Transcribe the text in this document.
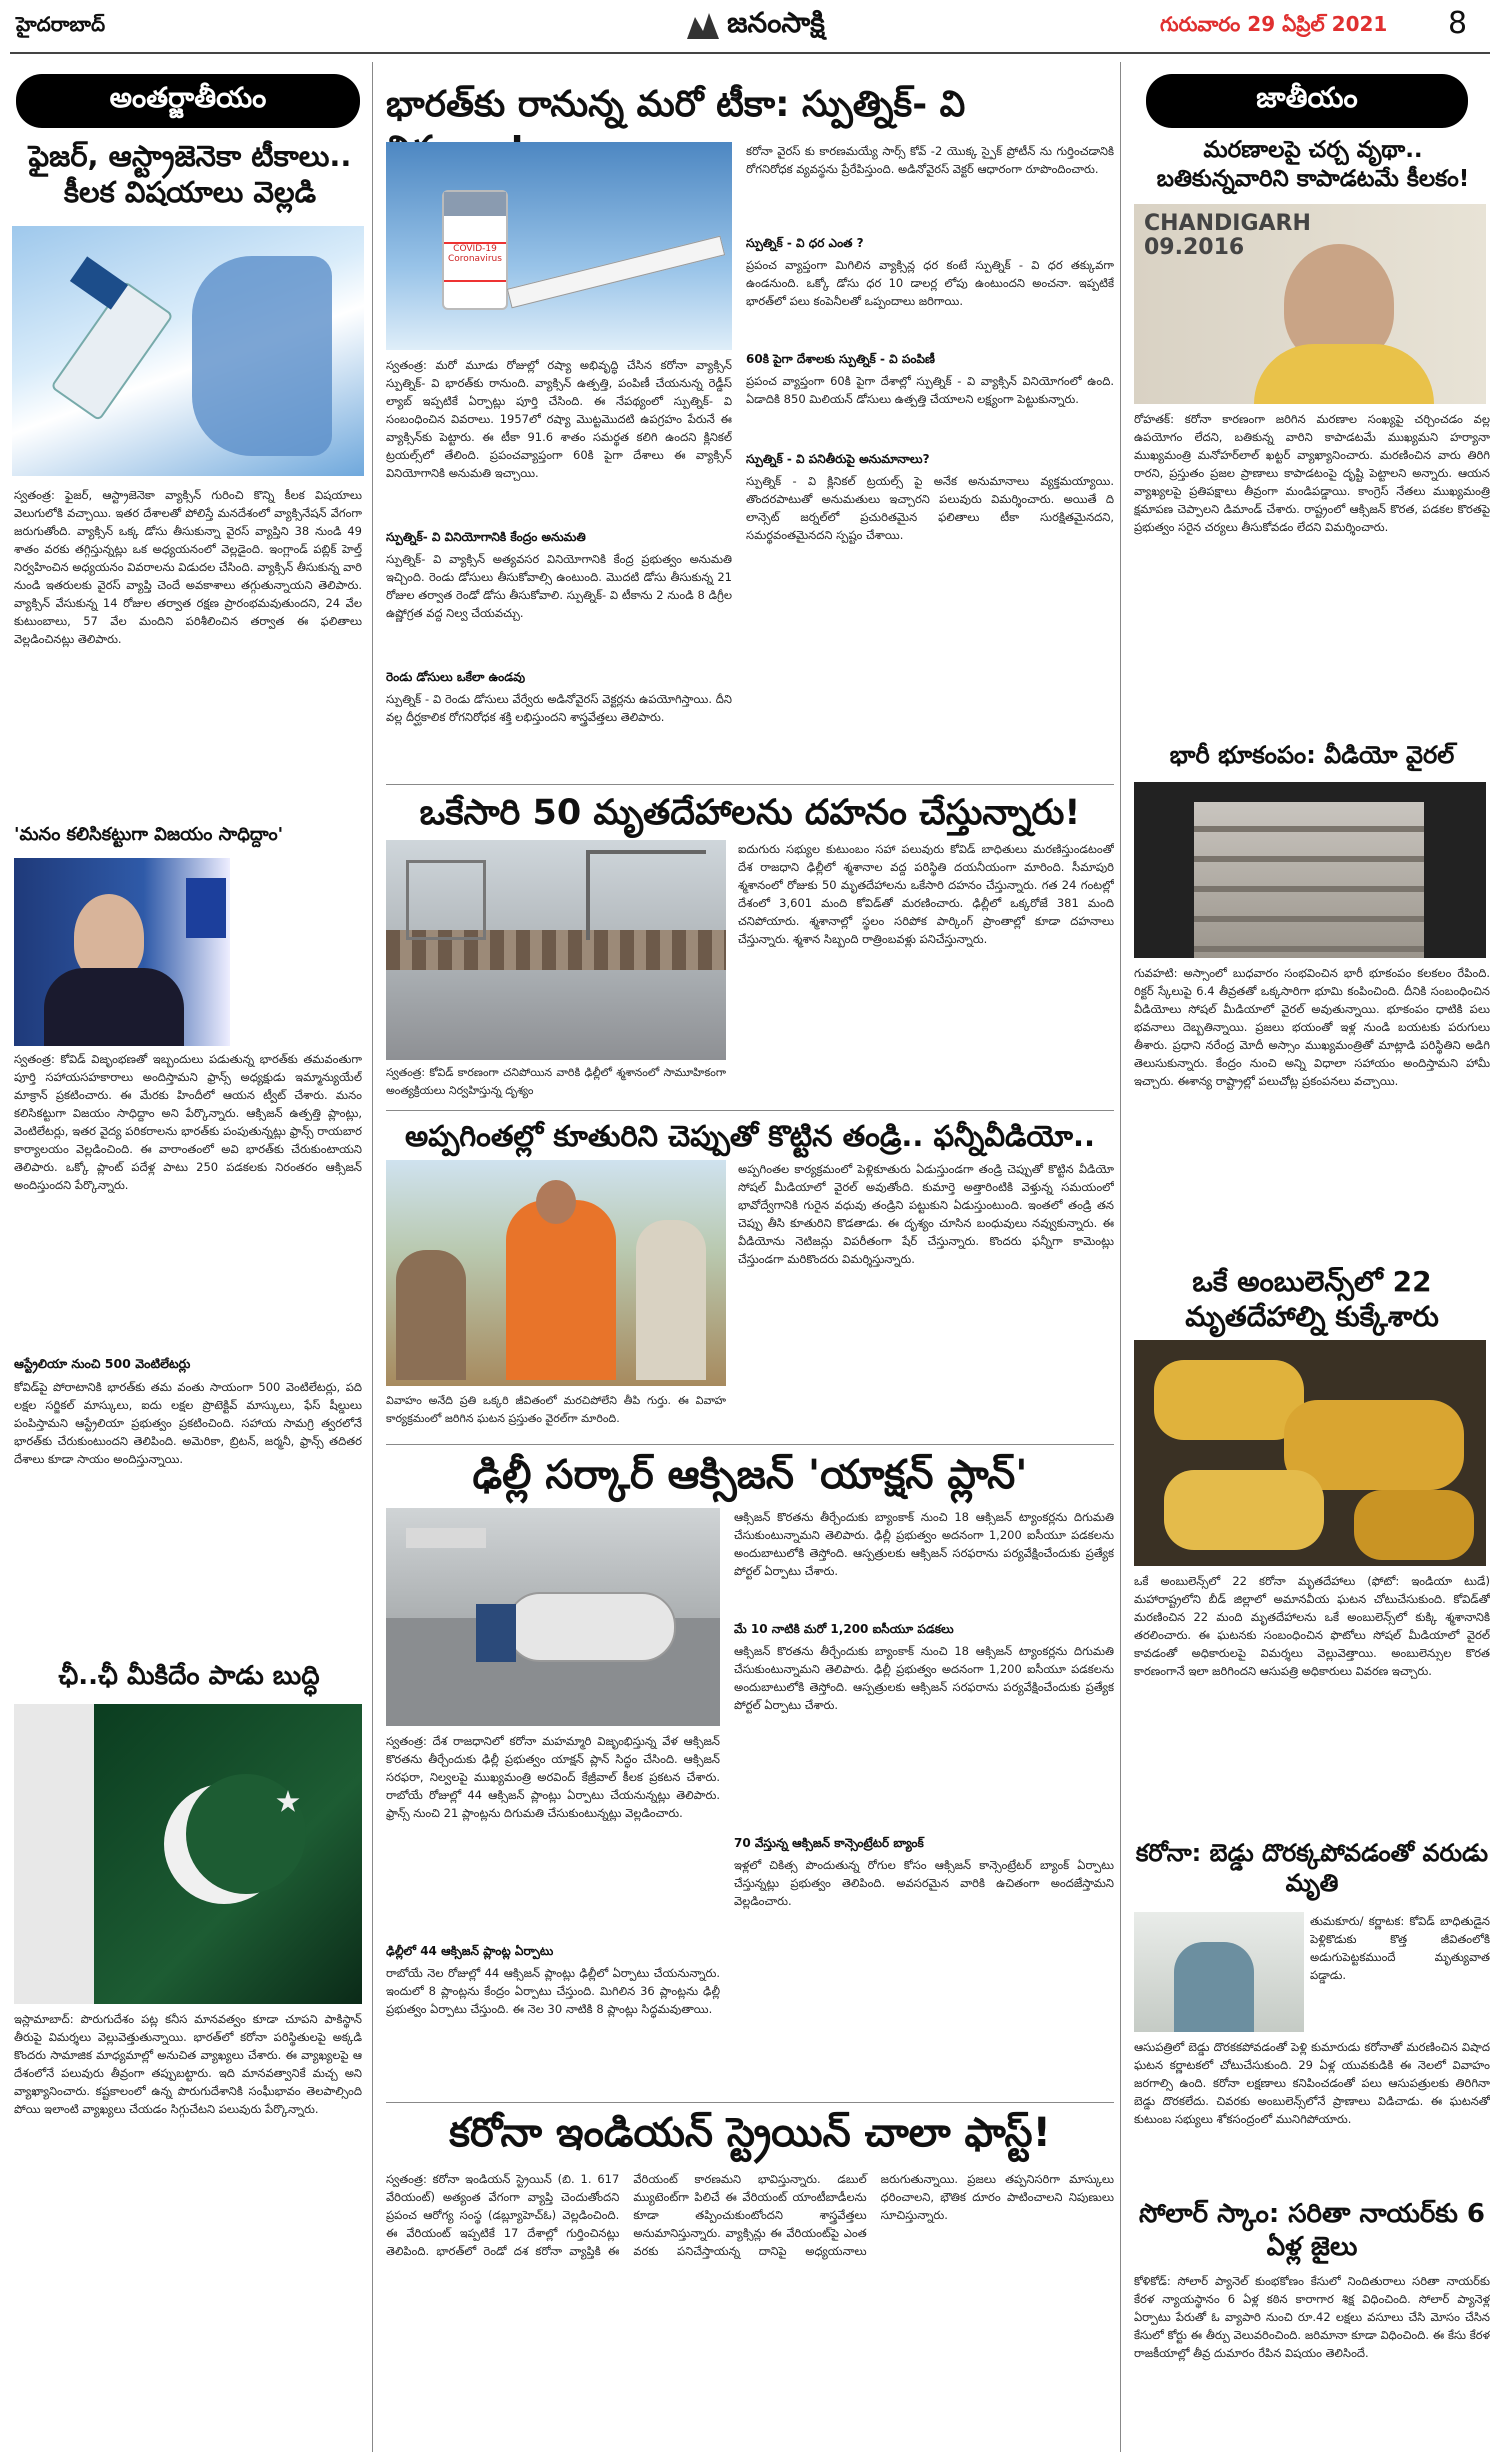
హైదరాబాద్	జనంసాక్షి	గురువారం 29 ఏప్రిల్ 2021 8
అంతర్జాతీయం
ఫైజర్, ఆస్ట్రాజెనెకా టీకాలు.. కీలక విషయాలు వెల్లడి
స్వతంత్ర: ఫైజర్, ఆస్ట్రాజెనెకా వ్యాక్సిన్‌ గురించి కొన్ని కీలక విషయాలు వెలుగులోకి వచ్చాయి. ఇతర దేశాలతో పోలిస్తే మనదేశంలో వ్యాక్సినేషన్‌ వేగంగా జరుగుతోంది. వ్యాక్సిన్‌ ఒక్క డోసు తీసుకున్నా వైరస్‌ వ్యాప్తిని 38 నుండి 49 శాతం వరకు తగ్గిస్తున్నట్లు ఒక అధ్యయనంలో వెల్లడైంది. ఇంగ్లాండ్‌ పబ్లిక్‌ హెల్త్‌ నిర్వహించిన అధ్యయనం వివరాలను విడుదల చేసింది. వ్యాక్సిన్‌ తీసుకున్న వారి నుండి ఇతరులకు వైరస్‌ వ్యాప్తి చెందే అవకాశాలు తగ్గుతున్నాయని తెలిపారు. వ్యాక్సిన్‌ వేసుకున్న 14 రోజుల తర్వాత రక్షణ ప్రారంభమవుతుందని, 24 వేల కుటుంబాలు, 57 వేల మందిని పరిశీలించిన తర్వాత ఈ ఫలితాలు వెల్లడించినట్లు తెలిపారు.
'మనం కలిసికట్టుగా విజయం సాధిద్దాం'
స్వతంత్ర: కోవిడ్‌ విజృంభణతో ఇబ్బందులు పడుతున్న భారత్‌కు తమవంతుగా పూర్తి సహాయసహకారాలు అందిస్తామని ఫ్రాన్స్‌ అధ్యక్షుడు ఇమ్మాన్యుయేల్‌ మాక్రాన్‌ ప్రకటించారు. ఈ మేరకు హిందీలో ఆయన ట్వీట్‌ చేశారు. మనం కలిసికట్టుగా విజయం సాధిద్దాం అని పేర్కొన్నారు. ఆక్సిజన్‌ ఉత్పత్తి ప్లాంట్లు, వెంటిలేటర్లు, ఇతర వైద్య పరికరాలను భారత్‌కు పంపుతున్నట్లు ఫ్రాన్స్‌ రాయబార కార్యాలయం వెల్లడించింది. ఈ వారాంతంలో అవి భారత్‌కు చేరుకుంటాయని తెలిపారు. ఒక్కో ప్లాంట్‌ పదేళ్ల పాటు 250 పడకలకు నిరంతరం ఆక్సిజన్‌ అందిస్తుందని పేర్కొన్నారు.
ఆస్ట్రేలియా నుంచి 500 వెంటిలేటర్లు
కోవిడ్‌పై పోరాటానికి భారత్‌కు తమ వంతు సాయంగా 500 వెంటిలేటర్లు, పది లక్షల సర్జికల్‌ మాస్కులు, ఐదు లక్షల ప్రొటెక్టివ్‌ మాస్కులు, ఫేస్‌ షీల్డులు పంపిస్తామని ఆస్ట్రేలియా ప్రభుత్వం ప్రకటించింది. సహాయ సామగ్రి త్వరలోనే భారత్‌కు చేరుకుంటుందని తెలిపింది. అమెరికా, బ్రిటన్‌, జర్మనీ, ఫ్రాన్స్‌ తదితర దేశాలు కూడా సాయం అందిస్తున్నాయి.
ఛీ..ఛీ మీకిదేం పాడు బుద్ధి
ఇస్లామాబాద్‌: పొరుగుదేశం పట్ల కనీస మానవత్వం కూడా చూపని పాకిస్థాన్‌ తీరుపై విమర్శలు వెల్లువెత్తుతున్నాయి. భారత్‌లో కరోనా పరిస్థితులపై అక్కడి కొందరు సామాజిక మాధ్యమాల్లో అనుచిత వ్యాఖ్యలు చేశారు. ఈ వ్యాఖ్యలపై ఆ దేశంలోనే పలువురు తీవ్రంగా తప్పుబట్టారు. ఇది మానవత్వానికే మచ్చ అని వ్యాఖ్యానించారు. కష్టకాలంలో ఉన్న పొరుగుదేశానికి సంఘీభావం తెలపాల్సింది పోయి ఇలాంటి వ్యాఖ్యలు చేయడం సిగ్గుచేటని పలువురు పేర్కొన్నారు.
భారత్‌కు రానున్న మరో టీకా: స్పుత్నిక్‌- వి
COVID-19 Coronavirus
స్వతంత్ర: మరో మూడు రోజుల్లో రష్యా అభివృద్ధి చేసిన కరోనా వ్యాక్సిన్‌ స్పుత్నిక్‌- వి భారత్‌కు రానుంది. వ్యాక్సిన్‌ ఉత్పత్తి, పంపిణీ చేయనున్న రెడ్డీస్‌ ల్యాబ్‌ ఇప్పటికే ఏర్పాట్లు పూర్తి చేసింది. ఈ నేపథ్యంలో స్పుత్నిక్‌- వి సంబంధించిన వివరాలు. 1957లో రష్యా మొట్టమొదటి ఉపగ్రహం పేరునే ఈ వ్యాక్సిన్‌కు పెట్టారు. ఈ టీకా 91.6 శాతం సమర్థత కలిగి ఉందని క్లినికల్‌ ట్రయల్స్‌లో తేలింది. ప్రపంచవ్యాప్తంగా 60కి పైగా దేశాలు ఈ వ్యాక్సిన్‌ వినియోగానికి అనుమతి ఇచ్చాయి.
స్పుత్నిక్‌- వి వినియోగానికి కేంద్రం అనుమతి
స్పుత్నిక్‌- వి వ్యాక్సిన్‌ అత్యవసర వినియోగానికి కేంద్ర ప్రభుత్వం అనుమతి ఇచ్చింది. రెండు డోసులు తీసుకోవాల్సి ఉంటుంది. మొదటి డోసు తీసుకున్న 21 రోజుల తర్వాత రెండో డోసు తీసుకోవాలి. స్పుత్నిక్‌- వి టీకాను 2 నుండి 8 డిగ్రీల ఉష్ణోగ్రత వద్ద నిల్వ చేయవచ్చు.
రెండు డోసులు ఒకేలా ఉండవు
స్పుత్నిక్‌ - వి రెండు డోసులు వేర్వేరు అడినోవైరస్‌ వెక్టర్లను ఉపయోగిస్తాయి. దీని వల్ల దీర్ఘకాలిక రోగనిరోధక శక్తి లభిస్తుందని శాస్త్రవేత్తలు తెలిపారు.
కరోనా వైరస్‌ కు కారణమయ్యే సార్స్‌ కోవ్‌ -2 యొక్క స్పైక్‌ ప్రోటీన్‌ ను గుర్తించడానికి రోగనిరోధక వ్యవస్థను ప్రేరేపిస్తుంది. అడినోవైరస్‌ వెక్టర్‌ ఆధారంగా రూపొందించారు.
స్పుత్నిక్‌ - వి ధర ఎంత ?
ప్రపంచ వ్యాప్తంగా మిగిలిన వ్యాక్సిన్ల ధర కంటే స్పుత్నిక్‌ - వి ధర తక్కువగా ఉండనుంది. ఒక్కో డోసు ధర 10 డాలర్ల లోపు ఉంటుందని అంచనా. ఇప్పటికే భారత్‌లో పలు కంపెనీలతో ఒప్పందాలు జరిగాయి.
60కి పైగా దేశాలకు స్పుత్నిక్‌ - వి పంపిణీ
ప్రపంచ వ్యాప్తంగా 60కి పైగా దేశాల్లో స్పుత్నిక్‌ - వి వ్యాక్సిన్‌ వినియోగంలో ఉంది. ఏడాదికి 850 మిలియన్‌ డోసులు ఉత్పత్తి చేయాలని లక్ష్యంగా పెట్టుకున్నారు.
స్పుత్నిక్‌ - వి పనితీరుపై అనుమానాలు?
స్పుత్నిక్‌ - వి క్లినికల్‌ ట్రయల్స్‌ పై అనేక అనుమానాలు వ్యక్తమయ్యాయి. తొందరపాటుతో అనుమతులు ఇచ్చారని పలువురు విమర్శించారు. అయితే ది లాన్సెట్‌ జర్నల్‌లో ప్రచురితమైన ఫలితాలు టీకా సురక్షితమైనదని, సమర్థవంతమైనదని స్పష్టం చేశాయి.
ఒకేసారి 50 మృతదేహాలను దహనం చేస్తున్నారు!
స్వతంత్ర: కోవిడ్‌ కారణంగా చనిపోయిన వారికి ఢిల్లీలో శ్మశానంలో సామూహికంగా అంత్యక్రియలు నిర్వహిస్తున్న దృశ్యం
ఐదుగురు సభ్యుల కుటుంబం సహా పలువురు కోవిడ్‌ బాధితులు మరణిస్తుండటంతో దేశ రాజధాని ఢిల్లీలో శ్మశానాల వద్ద పరిస్థితి దయనీయంగా మారింది. సీమాపురి శ్మశానంలో రోజుకు 50 మృతదేహాలను ఒకేసారి దహనం చేస్తున్నారు. గత 24 గంటల్లో దేశంలో 3,601 మంది కోవిడ్‌తో మరణించారు. ఢిల్లీలో ఒక్కరోజే 381 మంది చనిపోయారు. శ్మశానాల్లో స్థలం సరిపోక పార్కింగ్‌ ప్రాంతాల్లో కూడా దహనాలు చేస్తున్నారు. శ్మశాన సిబ్బంది రాత్రింబవళ్లు పనిచేస్తున్నారు.
అప్పగింతల్లో కూతురిని చెప్పుతో కొట్టిన తండ్రి.. ఫన్నీవీడియో..
వివాహం అనేది ప్రతి ఒక్కరి జీవితంలో మరచిపోలేని తీపి గుర్తు. ఈ వివాహ కార్యక్రమంలో జరిగిన ఘటన ప్రస్తుతం వైరల్‌గా మారింది.
అప్పగింతల కార్యక్రమంలో పెళ్లికూతురు ఏడుస్తుండగా తండ్రి చెప్పుతో కొట్టిన వీడియో సోషల్‌ మీడియాలో వైరల్‌ అవుతోంది. కుమార్తె అత్తారింటికి వెళ్తున్న సమయంలో భావోద్వేగానికి గురైన వధువు తండ్రిని పట్టుకుని ఏడుస్తుంటుంది. ఇంతలో తండ్రి తన చెప్పు తీసి కూతురిని కొడతాడు. ఈ దృశ్యం చూసిన బంధువులు నవ్వుకున్నారు. ఈ వీడియోను నెటిజన్లు విపరీతంగా షేర్‌ చేస్తున్నారు. కొందరు ఫన్నీగా కామెంట్లు చేస్తుండగా మరికొందరు విమర్శిస్తున్నారు.
ఢిల్లీ సర్కార్‌ ఆక్సిజన్‌ 'యాక్షన్‌ ప్లాన్‌'
స్వతంత్ర: దేశ రాజధానిలో కరోనా మహమ్మారి విజృంభిస్తున్న వేళ ఆక్సిజన్‌ కొరతను తీర్చేందుకు ఢిల్లీ ప్రభుత్వం యాక్షన్‌ ప్లాన్‌ సిద్ధం చేసింది. ఆక్సిజన్‌ సరఫరా, నిల్వలపై ముఖ్యమంత్రి అరవింద్‌ కేజ్రీవాల్‌ కీలక ప్రకటన చేశారు. రాబోయే రోజుల్లో 44 ఆక్సిజన్‌ ప్లాంట్లు ఏర్పాటు చేయనున్నట్లు తెలిపారు. ఫ్రాన్స్‌ నుంచి 21 ప్లాంట్లను దిగుమతి చేసుకుంటున్నట్లు వెల్లడించారు.
ఢిల్లీలో 44 ఆక్సిజన్‌ ప్లాంట్ల ఏర్పాటు
రాబోయే నెల రోజుల్లో 44 ఆక్సిజన్‌ ప్లాంట్లు ఢిల్లీలో ఏర్పాటు చేయనున్నారు. ఇందులో 8 ప్లాంట్లను కేంద్రం ఏర్పాటు చేస్తుంది. మిగిలిన 36 ప్లాంట్లను ఢిల్లీ ప్రభుత్వం ఏర్పాటు చేస్తుంది. ఈ నెల 30 నాటికి 8 ప్లాంట్లు సిద్ధమవుతాయి.
ఆక్సిజన్‌ కొరతను తీర్చేందుకు బ్యాంకాక్‌ నుంచి 18 ఆక్సిజన్‌ ట్యాంకర్లను దిగుమతి చేసుకుంటున్నామని తెలిపారు. ఢిల్లీ ప్రభుత్వం అదనంగా 1,200 ఐసీయూ పడకలను అందుబాటులోకి తెస్తోంది. ఆస్పత్రులకు ఆక్సిజన్‌ సరఫరాను పర్యవేక్షించేందుకు ప్రత్యేక పోర్టల్‌ ఏర్పాటు చేశారు.
మే 10 నాటికి మరో 1,200 ఐసీయూ పడకలు
ఆక్సిజన్‌ కొరతను తీర్చేందుకు బ్యాంకాక్‌ నుంచి 18 ఆక్సిజన్‌ ట్యాంకర్లను దిగుమతి చేసుకుంటున్నామని తెలిపారు. ఢిల్లీ ప్రభుత్వం అదనంగా 1,200 ఐసీయూ పడకలను అందుబాటులోకి తెస్తోంది. ఆస్పత్రులకు ఆక్సిజన్‌ సరఫరాను పర్యవేక్షించేందుకు ప్రత్యేక పోర్టల్‌ ఏర్పాటు చేశారు.
70 వేస్తున్న ఆక్సిజన్‌ కాన్సెంట్రేటర్‌ బ్యాంక్‌
ఇళ్లలో చికిత్స పొందుతున్న రోగుల కోసం ఆక్సిజన్‌ కాన్సెంట్రేటర్‌ బ్యాంక్‌ ఏర్పాటు చేస్తున్నట్లు ప్రభుత్వం తెలిపింది. అవసరమైన వారికి ఉచితంగా అందజేస్తామని వెల్లడించారు.
కరోనా ఇండియన్‌ స్ట్రెయిన్‌ చాలా ఫాస్ట్‌!
స్వతంత్ర: కరోనా ఇండియన్‌ స్ట్రెయిన్‌ (బి. 1. 617 వేరియంట్‌) అత్యంత వేగంగా వ్యాప్తి చెందుతోందని ప్రపంచ ఆరోగ్య సంస్థ (డబ్ల్యూహెచ్‌ఓ) వెల్లడించింది. ఈ వేరియంట్‌ ఇప్పటికే 17 దేశాల్లో గుర్తించినట్లు తెలిపింది. భారత్‌లో రెండో దశ కరోనా వ్యాప్తికి ఈ వేరియంట్‌ కారణమని భావిస్తున్నారు. డబుల్‌ మ్యుటెంట్‌గా పిలిచే ఈ వేరియంట్‌ యాంటీబాడీలను కూడా తప్పించుకుంటోందని శాస్త్రవేత్తలు అనుమానిస్తున్నారు. వ్యాక్సిన్లు ఈ వేరియంట్‌పై ఎంత వరకు పనిచేస్తాయన్న దానిపై అధ్యయనాలు జరుగుతున్నాయి. ప్రజలు తప్పనిసరిగా మాస్కులు ధరించాలని, భౌతిక దూరం పాటించాలని నిపుణులు సూచిస్తున్నారు.
జాతీయం
మరణాలపై చర్చ వృథా.. బతికున్నవారిని కాపాడటమే కీలకం!
CHANDIGARH 09.2016
రోహతక్‌: కరోనా కారణంగా జరిగిన మరణాల సంఖ్యపై చర్చించడం వల్ల ఉపయోగం లేదని, బతికున్న వారిని కాపాడటమే ముఖ్యమని హర్యానా ముఖ్యమంత్రి మనోహర్‌లాల్‌ ఖట్టర్‌ వ్యాఖ్యానించారు. మరణించిన వారు తిరిగి రారని, ప్రస్తుతం ప్రజల ప్రాణాలు కాపాడటంపై దృష్టి పెట్టాలని అన్నారు. ఆయన వ్యాఖ్యలపై ప్రతిపక్షాలు తీవ్రంగా మండిపడ్డాయి. కాంగ్రెస్‌ నేతలు ముఖ్యమంత్రి క్షమాపణ చెప్పాలని డిమాండ్‌ చేశారు. రాష్ట్రంలో ఆక్సిజన్‌ కొరత, పడకల కొరతపై ప్రభుత్వం సరైన చర్యలు తీసుకోవడం లేదని విమర్శించారు.
భారీ భూకంపం: వీడియో వైరల్‌
గువహటి: అస్సాంలో బుధవారం సంభవించిన భారీ భూకంపం కలకలం రేపింది. రిక్టర్‌ స్కేలుపై 6.4 తీవ్రతతో ఒక్కసారిగా భూమి కంపించింది. దీనికి సంబంధించిన వీడియోలు సోషల్‌ మీడియాలో వైరల్‌ అవుతున్నాయి. భూకంపం ధాటికి పలు భవనాలు దెబ్బతిన్నాయి. ప్రజలు భయంతో ఇళ్ల నుండి బయటకు పరుగులు తీశారు. ప్రధాని నరేంద్ర మోదీ అస్సాం ముఖ్యమంత్రితో మాట్లాడి పరిస్థితిని అడిగి తెలుసుకున్నారు. కేంద్రం నుంచి అన్ని విధాలా సహాయం అందిస్తామని హామీ ఇచ్చారు. ఈశాన్య రాష్ట్రాల్లో పలుచోట్ల ప్రకంపనలు వచ్చాయి.
ఒకే అంబులెన్స్‌లో 22 మృతదేహాల్ని కుక్కేశారు
ఒకే అంబులెన్స్‌లో 22 కరోనా మృతదేహాలు (ఫోటో: ఇండియా టుడే) మహారాష్ట్రలోని బీడ్‌ జిల్లాలో అమానవీయ ఘటన చోటుచేసుకుంది. కోవిడ్‌తో మరణించిన 22 మంది మృతదేహాలను ఒకే అంబులెన్స్‌లో కుక్కి శ్మశానానికి తరలించారు. ఈ ఘటనకు సంబంధించిన ఫొటోలు సోషల్‌ మీడియాలో వైరల్‌ కావడంతో అధికారులపై విమర్శలు వెల్లువెత్తాయి. అంబులెన్సుల కొరత కారణంగానే ఇలా జరిగిందని ఆసుపత్రి అధికారులు వివరణ ఇచ్చారు.
కరోనా: బెడ్డు దొరక్కపోవడంతో వరుడు మృతి
తుమకూరు/ కర్ణాటక: కోవిడ్‌ బాధితుడైన పెళ్లికొడుకు కొత్త జీవితంలోకి అడుగుపెట్టకముందే మృత్యువాత పడ్డాడు.
ఆసుపత్రిలో బెడ్డు దొరకకపోవడంతో పెళ్లి కుమారుడు కరోనాతో మరణించిన విషాద ఘటన కర్ణాటకలో చోటుచేసుకుంది. 29 ఏళ్ల యువకుడికి ఈ నెలలో వివాహం జరగాల్సి ఉంది. కరోనా లక్షణాలు కనిపించడంతో పలు ఆసుపత్రులకు తిరిగినా బెడ్డు దొరకలేదు. చివరకు అంబులెన్స్‌లోనే ప్రాణాలు విడిచాడు. ఈ ఘటనతో కుటుంబ సభ్యులు శోకసంద్రంలో మునిగిపోయారు.
సోలార్‌ స్కాం: సరితా నాయర్‌కు 6 ఏళ్ల జైలు
కోళికోడ్‌: సోలార్‌ ప్యానెల్‌ కుంభకోణం కేసులో నిందితురాలు సరితా నాయర్‌కు కేరళ న్యాయస్థానం 6 ఏళ్ల కఠిన కారాగార శిక్ష విధించింది. సోలార్‌ ప్యానెళ్ల ఏర్పాటు పేరుతో ఓ వ్యాపారి నుంచి రూ.42 లక్షలు వసూలు చేసి మోసం చేసిన కేసులో కోర్టు ఈ తీర్పు వెలువరించింది. జరిమానా కూడా విధించింది. ఈ కేసు కేరళ రాజకీయాల్లో తీవ్ర దుమారం రేపిన విషయం తెలిసిందే.
